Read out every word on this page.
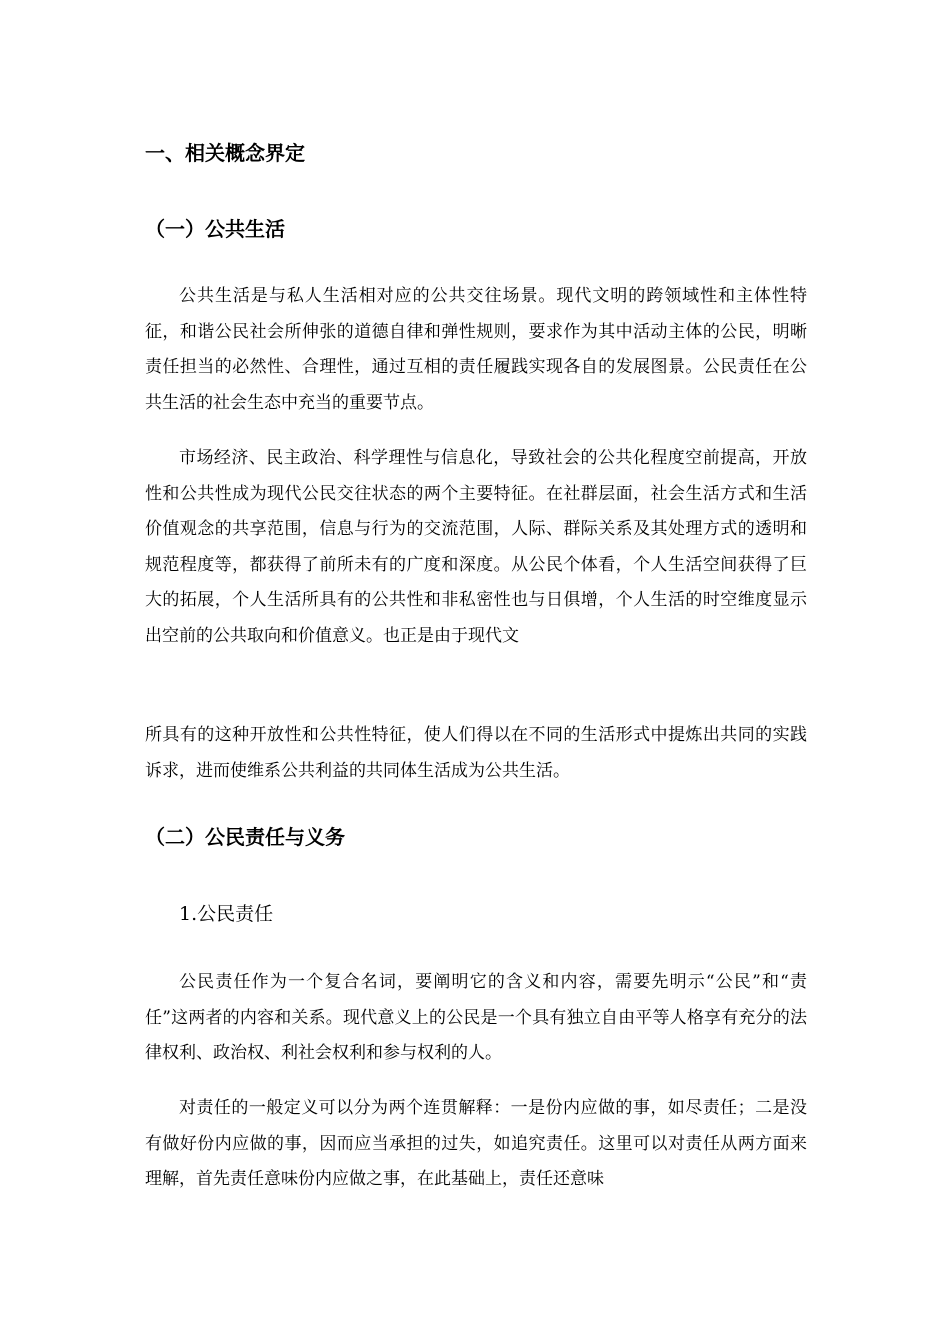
一、相关概念界定
（一）公共生活

公共生活是与私人生活相对应的公共交往场景。现代文明的跨领域性和主体性特征，和谐公民社会所伸张的道德自律和弹性规则，要求作为其中活动主体的公民，明晰责任担当的必然性、合理性，通过互相的责任履践实现各自的发展图景。公民责任在公共生活的社会生态中充当的重要节点。

市场经济、民主政治、科学理性与信息化，导致社会的公共化程度空前提高，开放性和公共性成为现代公民交往状态的两个主要特征。在社群层面，社会生活方式和生活价值观念的共享范围，信息与行为的交流范围，人际、群际关系及其处理方式的透明和规范程度等，都获得了前所未有的广度和深度。从公民个体看，个人生活空间获得了巨大的拓展，个人生活所具有的公共性和非私密性也与日俱增，个人生活的时空维度显示出空前的公共取向和价值意义。也正是由于现代文

所具有的这种开放性和公共性特征，使人们得以在不同的生活形式中提炼出共同的实践诉求，进而使维系公共利益的共同体生活成为公共生活。

（二）公民责任与义务
1.公民责任

公民责任作为一个复合名词，要阐明它的含义和内容，需要先明示“公民”和“责任”这两者的内容和关系。现代意义上的公民是一个具有独立自由平等人格享有充分的法律权利、政治权、利社会权利和参与权利的人。

对责任的一般定义可以分为两个连贯解释：一是份内应做的事，如尽责任；二是没有做好份内应做的事，因而应当承担的过失，如追究责任。这里可以对责任从两方面来理解，首先责任意味份内应做之事，在此基础上，责任还意味
